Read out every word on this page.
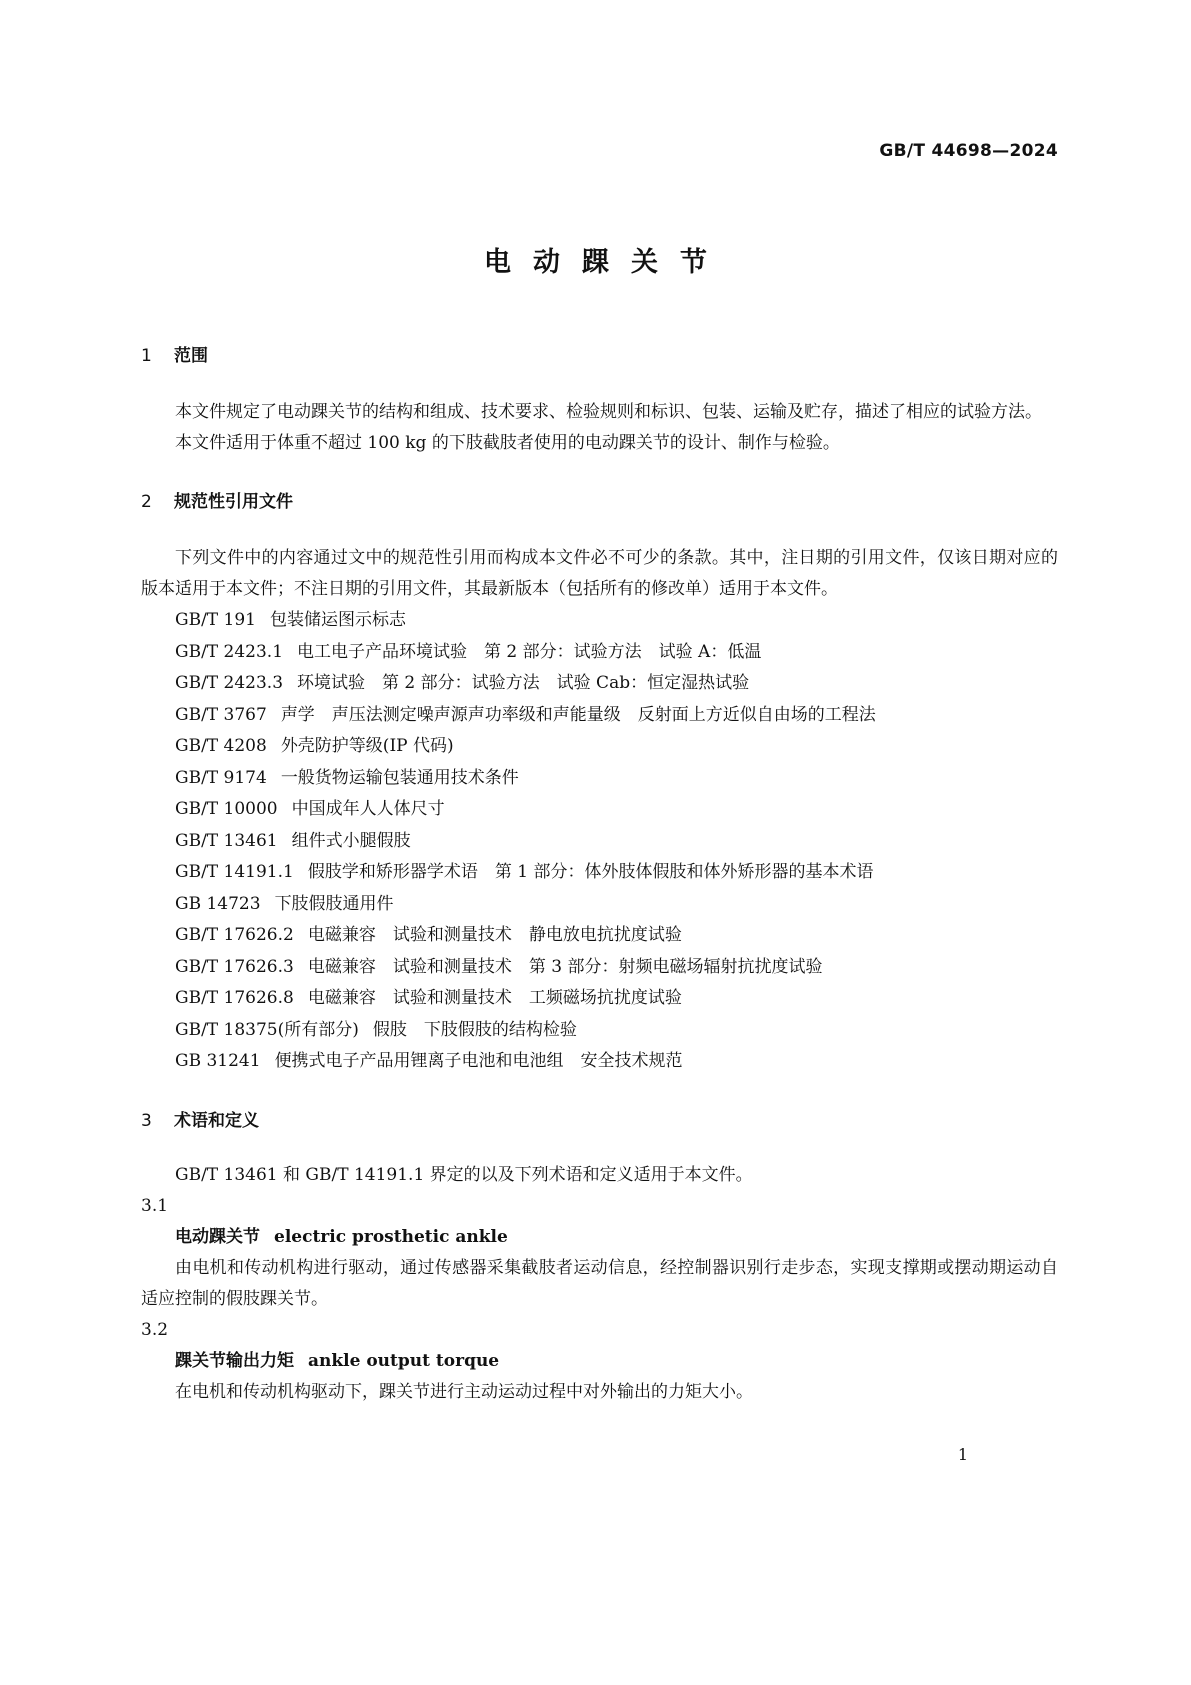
GB/T 44698—2024
电动踝关节
1 范围

本文件规定了电动踝关节的结构和组成、技术要求、检验规则和标识、包装、运输及贮存，描述了相应的试验方法。

本文件适用于体重不超过 100 kg 的下肢截肢者使用的电动踝关节的设计、制作与检验。

2 规范性引用文件

下列文件中的内容通过文中的规范性引用而构成本文件必不可少的条款。其中，注日期的引用文件，仅该日期对应的版本适用于本文件；不注日期的引用文件，其最新版本（包括所有的修改单）适用于本文件。

GB/T 191 包装储运图示标志
GB/T 2423.1 电工电子产品环境试验　第 2 部分：试验方法　试验 A：低温
GB/T 2423.3 环境试验　第 2 部分：试验方法　试验 Cab：恒定湿热试验
GB/T 3767 声学　声压法测定噪声源声功率级和声能量级　反射面上方近似自由场的工程法
GB/T 4208 外壳防护等级(IP 代码)
GB/T 9174 一般货物运输包装通用技术条件
GB/T 10000 中国成年人人体尺寸
GB/T 13461 组件式小腿假肢
GB/T 14191.1 假肢学和矫形器学术语　第 1 部分：体外肢体假肢和体外矫形器的基本术语
GB 14723 下肢假肢通用件
GB/T 17626.2 电磁兼容　试验和测量技术　静电放电抗扰度试验
GB/T 17626.3 电磁兼容　试验和测量技术　第 3 部分：射频电磁场辐射抗扰度试验
GB/T 17626.8 电磁兼容　试验和测量技术　工频磁场抗扰度试验
GB/T 18375(所有部分) 假肢　下肢假肢的结构检验
GB 31241 便携式电子产品用锂离子电池和电池组　安全技术规范
3 术语和定义

GB/T 13461 和 GB/T 14191.1 界定的以及下列术语和定义适用于本文件。

3.1
电动踝关节 electric prosthetic ankle

由电机和传动机构进行驱动，通过传感器采集截肢者运动信息，经控制器识别行走步态，实现支撑期或摆动期运动自适应控制的假肢踝关节。

3.2
踝关节输出力矩 ankle output torque

在电机和传动机构驱动下，踝关节进行主动运动过程中对外输出的力矩大小。

1
